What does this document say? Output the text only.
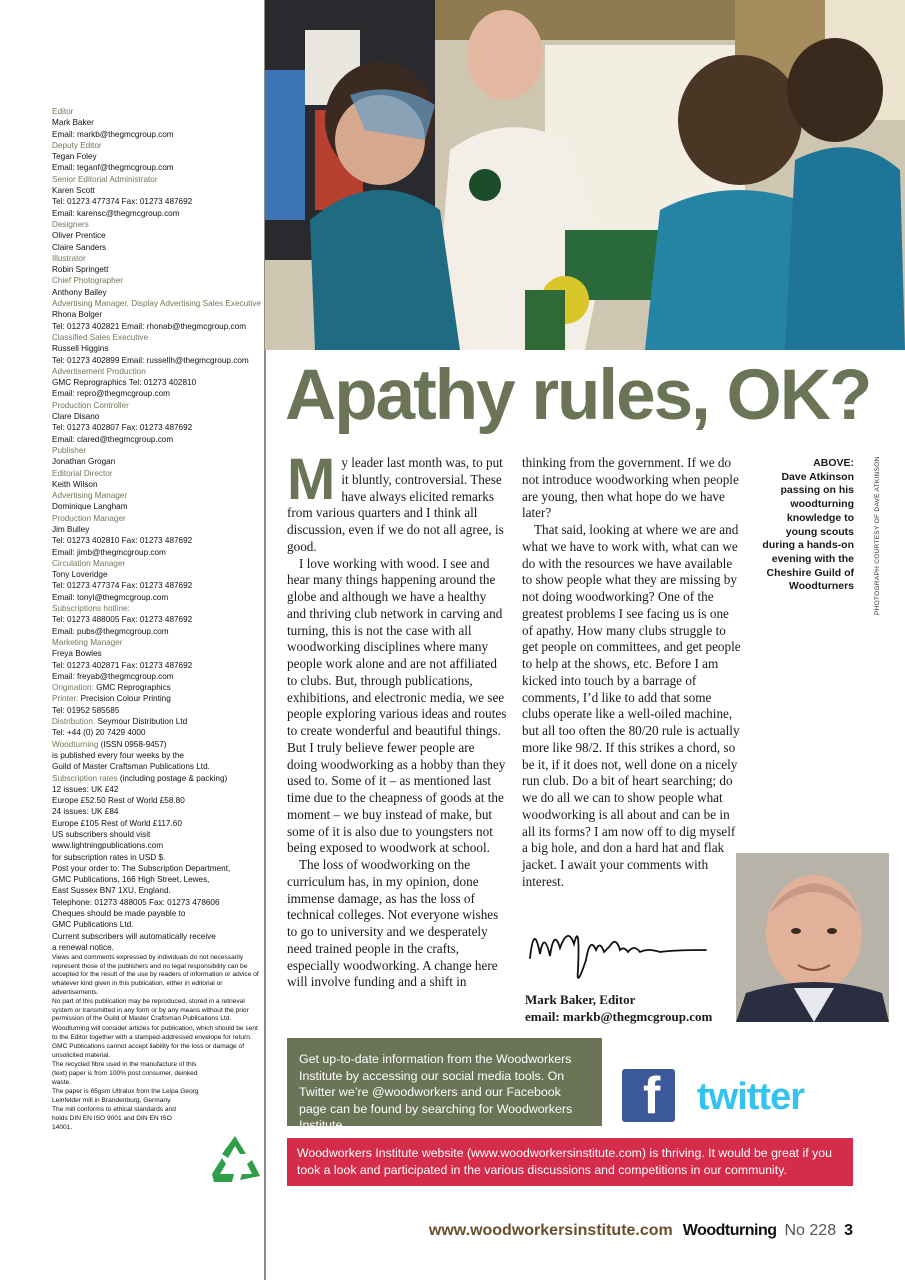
Editor
Mark Baker
Email: markb@thegmcgroup.com
Deputy Editor
Tegan Foley
Email: teganf@thegmcgroup.com
Senior Editorial Administrator
Karen Scott
Tel: 01273 477374 Fax: 01273 487692
Email: karensc@thegmcgroup.com
Designers
Oliver Prentice
Claire Sanders
Illustrator
Robin Springett
Chief Photographer
Anthony Bailey
Advertising Manager, Display Advertising Sales Executive
Rhona Bolger
Tel: 01273 402821 Email: rhonab@thegmcgroup.com
Classified Sales Executive
Russell Higgins
Tel: 01273 402899 Email: russellh@thegmcgroup.com
Advertisement Production
GMC Reprographics Tel: 01273 402810
Email: repro@thegmcgroup.com
Production Controller
Clare Disano
Tel: 01273 402807 Fax: 01273 487692
Email: clared@thegmcgroup.com
Publisher
Jonathan Grogan
Editorial Director
Keith Wilson
Advertising Manager
Dominique Langham
Production Manager
Jim Bulley
Tel: 01273 402810 Fax: 01273 487692
Email: jimb@thegmcgroup.com
Circulation Manager
Tony Loveridge
Tel: 01273 477374 Fax: 01273 487692
Email: tonyl@thegmcgroup.com
Subscriptions hotline:
Tel: 01273 488005 Fax: 01273 487692
Email: pubs@thegmcgroup.com
Marketing Manager
Freya Bowles
Tel: 01273 402871 Fax: 01273 487692
Email: freyab@thegmcgroup.com
Origination: GMC Reprographics
Printer: Precision Colour Printing
Tel: 01952 585585
Distribution: Seymour Distribution Ltd
Tel: +44 (0) 20 7429 4000
Woodturning (ISSN 0958-9457)
is published every four weeks by the
Guild of Master Craftsman Publications Ltd.
Subscription rates (including postage & packing)
12 issues: UK £42
Europe £52.50 Rest of World £58.80
24 issues: UK £84
Europe £105 Rest of World £117.60
US subscribers should visit
www.lightningpublications.com
for subscription rates in USD $.
Post your order to: The Subscription Department,
GMC Publications, 166 High Street, Lewes,
East Sussex BN7 1XU, England.
Telephone: 01273 488005 Fax: 01273 478606
Cheques should be made payable to
GMC Publications Ltd.
Current subscribers will automatically receive
a renewal notice.
Views and comments expressed by individuals do not necessarily represent those of the publishers and no legal responsibility can be accepted for the result of the use by readers of information or advice of whatever kind given in this publication, either in editorial or advertisements.
No part of this publication may be reproduced, stored in a retrieval system or transmitted in any form or by any means without the prior permission of the Guild of Master Craftsman Publications Ltd.
Woodturning will consider articles for publication, which should be sent to the Editor together with a stamped-addressed envelope for return.
GMC Publications cannot accept liability for the loss or damage of unsolicited material.
The recycled fibre used in the manufacture of this (text) paper is from 100% post consumer, deinked waste.
The paper is 65gsm Ultralux from the Leipa Georg Leinfelder mill in Brandenburg, Germany.
The mill conforms to ethical standards and holds DIN EN ISO 9001 and DIN EN ISO 14001.
Apathy rules, OK?

My leader last month was, to put it bluntly, controversial. These have always elicited remarks from various quarters and I think all discussion, even if we do not all agree, is good.

I love working with wood. I see and hear many things happening around the globe and although we have a healthy and thriving club network in carving and turning, this is not the case with all woodworking disciplines where many people work alone and are not affiliated to clubs. But, through publications, exhibitions, and electronic media, we see people exploring various ideas and routes to create wonderful and beautiful things. But I truly believe fewer people are doing woodworking as a hobby than they used to. Some of it – as mentioned last time due to the cheapness of goods at the moment – we buy instead of make, but some of it is also due to youngsters not being exposed to woodwork at school.

The loss of woodworking on the curriculum has, in my opinion, done immense damage, as has the loss of technical colleges. Not everyone wishes to go to university and we desperately need trained people in the crafts, especially woodworking. A change here will involve funding and a shift in

thinking from the government. If we do not introduce woodworking when people are young, then what hope do we have later?

That said, looking at where we are and what we have to work with, what can we do with the resources we have available to show people what they are missing by not doing woodworking? One of the greatest problems I see facing us is one of apathy. How many clubs struggle to get people on committees, and get people to help at the shows, etc. Before I am kicked into touch by a barrage of comments, I’d like to add that some clubs operate like a well-oiled machine, but all too often the 80/20 rule is actually more like 98/2. If this strikes a chord, so be it, if it does not, well done on a nicely run club. Do a bit of heart searching; do we do all we can to show people what woodworking is all about and can be in all its forms? I am now off to dig myself a big hole, and don a hard hat and flak jacket. I await your comments with interest.

ABOVE:
Dave Atkinson passing on his woodturning knowledge to young scouts during a hands-on evening with the Cheshire Guild of Woodturners	PHOTOGRAPH COURTESY OF DAVE ATKINSON
Mark Baker, Editor
email: markb@thegmcgroup.com
Get up-to-date information from the Woodworkers Institute by accessing our social media tools. On Twitter we’re @woodworkers and our Facebook page can be found by searching for Woodworkers Institute
f twitter
Woodworkers Institute website (www.woodworkersinstitute.com) is thriving. It would be great if you took a look and participated in the various discussions and competitions in our community.
www.woodworkersinstitute.com Woodturning No 228 3
